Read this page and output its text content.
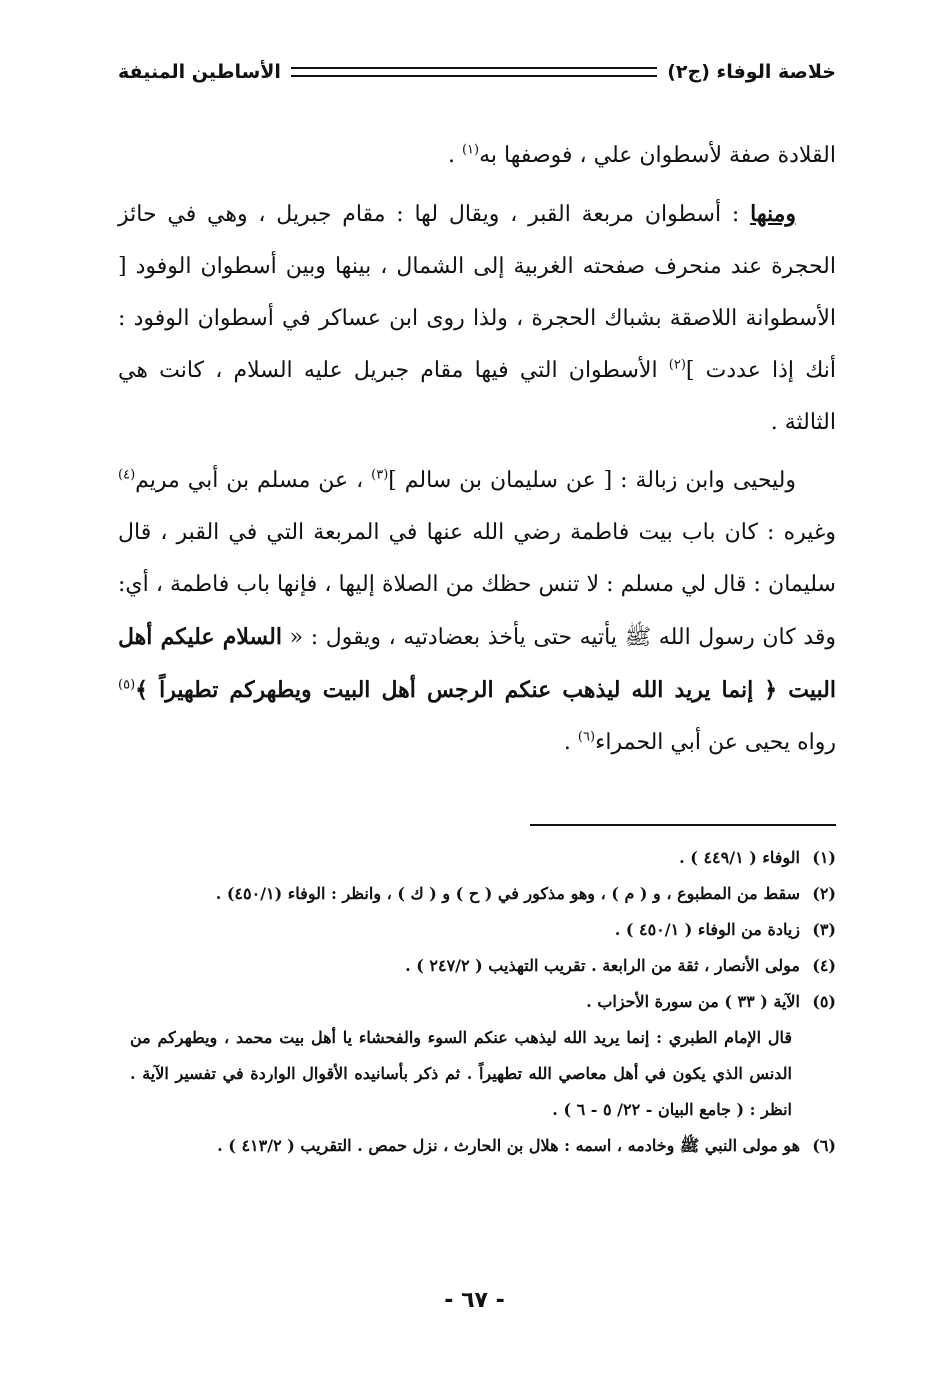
خلاصة الوفاء (ج٢)
الأساطين المنيفة

القلادة صفة لأسطوان علي ، فوصفها به$^{(١)}$ .

ومنها : أسطوان مربعة القبر ، ويقال لها : مقام جبريل ، وهي في حائز الحجرة عند منحرف صفحته الغربية إلى الشمال ، بينها وبين أسطوان الوفود [ الأسطوانة اللاصقة بشباك الحجرة ، ولذا روى ابن عساكر في أسطوان الوفود : أنك إذا عددت ]$^{(٢)}$ الأسطوان التي فيها مقام جبريل عليه السلام ، كانت هي الثالثة .

وليحيى وابن زبالة : [ عن سليمان بن سالم ]$^{(٣)}$ ، عن مسلم بن أبي مريم$^{(٤)}$ وغيره : كان باب بيت فاطمة رضي الله عنها في المربعة التي في القبر ، قال سليمان : قال لي مسلم : لا تنس حظك من الصلاة إليها ، فإنها باب فاطمة ، أي: وقد كان رسول الله ﷺ يأتيه حتى يأخذ بعضادتيه ، ويقول : « السلام عليكم أهل البيت ﴿ إنما يريد الله ليذهب عنكم الرجس أهل البيت ويطهركم تطهيراً ﴾$^{(٥)}$ رواه يحيى عن أبي الحمراء$^{(٦)}$ .

(١)
الوفاء ( ٤٤٩/١ ) .

(٢)
سقط من المطبوع ، و ( م ) ، وهو مذكور في ( ح ) و ( ك ) ، وانظر : الوفاء (٤٥٠/١) .

(٣)
زيادة من الوفاء ( ٤٥٠/١ ) .

(٤)
مولى الأنصار ، ثقة من الرابعة . تقريب التهذيب ( ٢٤٧/٢ ) .

(٥)
الآية ( ٣٣ ) من سورة الأحزاب .

قال الإمام الطبري : إنما يريد الله ليذهب عنكم السوء والفحشاء يا أهل بيت محمد ، ويطهركم من الدنس الذي يكون في أهل معاصي الله تطهيراً . ثم ذكر بأسانيده الأقوال الواردة في تفسير الآية . انظر : ( جامع البيان - ٢٢/ ٥ - ٦ ) .

(٦)
هو مولى النبي ﷺ وخادمه ، اسمه : هلال بن الحارث ، نزل حمص . التقريب ( ٤١٣/٢ ) .

- ٦٧ -
